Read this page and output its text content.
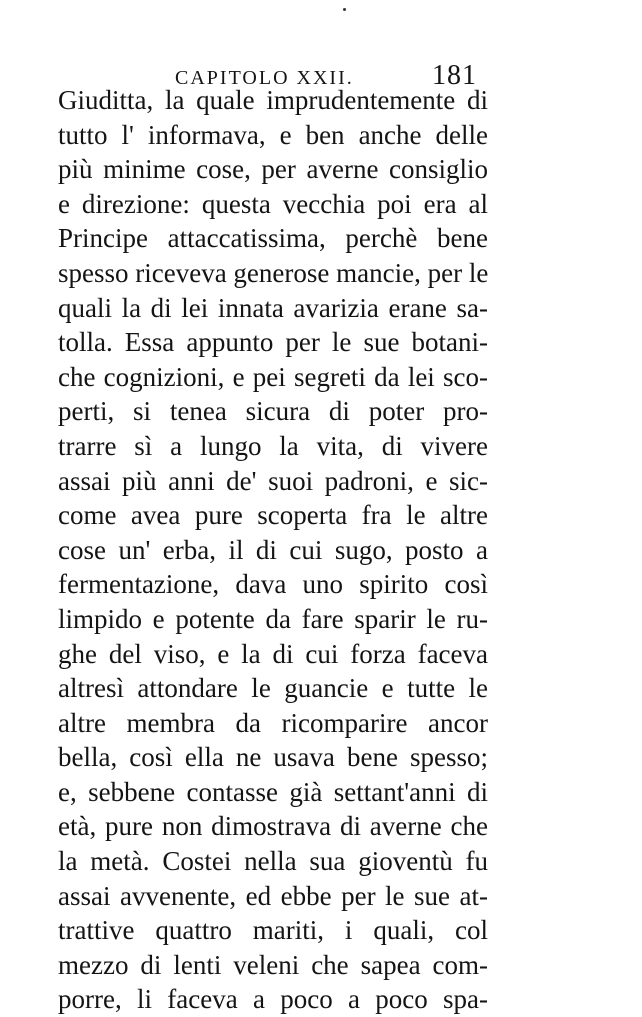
CAPITOLO XXII.	181
Giuditta, la quale imprudentemente di
tutto l' informava, e ben anche delle
più minime cose, per averne consiglio
e direzione: questa vecchia poi era al
Principe attaccatissima, perchè bene
spesso riceveva generose mancie, per le
quali la di lei innata avarizia erane sa-
tolla. Essa appunto per le sue botani-
che cognizioni, e pei segreti da lei sco-
perti, si tenea sicura di poter pro-
trarre sì a lungo la vita, di vivere
assai più anni de' suoi padroni, e sic-
come avea pure scoperta fra le altre
cose un' erba, il di cui sugo, posto a
fermentazione, dava uno spirito così
limpido e potente da fare sparir le ru-
ghe del viso, e la di cui forza faceva
altresì attondare le guancie e tutte le
altre membra da ricomparire ancor
bella, così ella ne usava bene spesso;
e, sebbene contasse già settant'anni di
età, pure non dimostrava di averne che
la metà. Costei nella sua gioventù fu
assai avvenente, ed ebbe per le sue at-
trattive quattro mariti, i quali, col
mezzo di lenti veleni che sapea com-
porre, li faceva a poco a poco spa-
